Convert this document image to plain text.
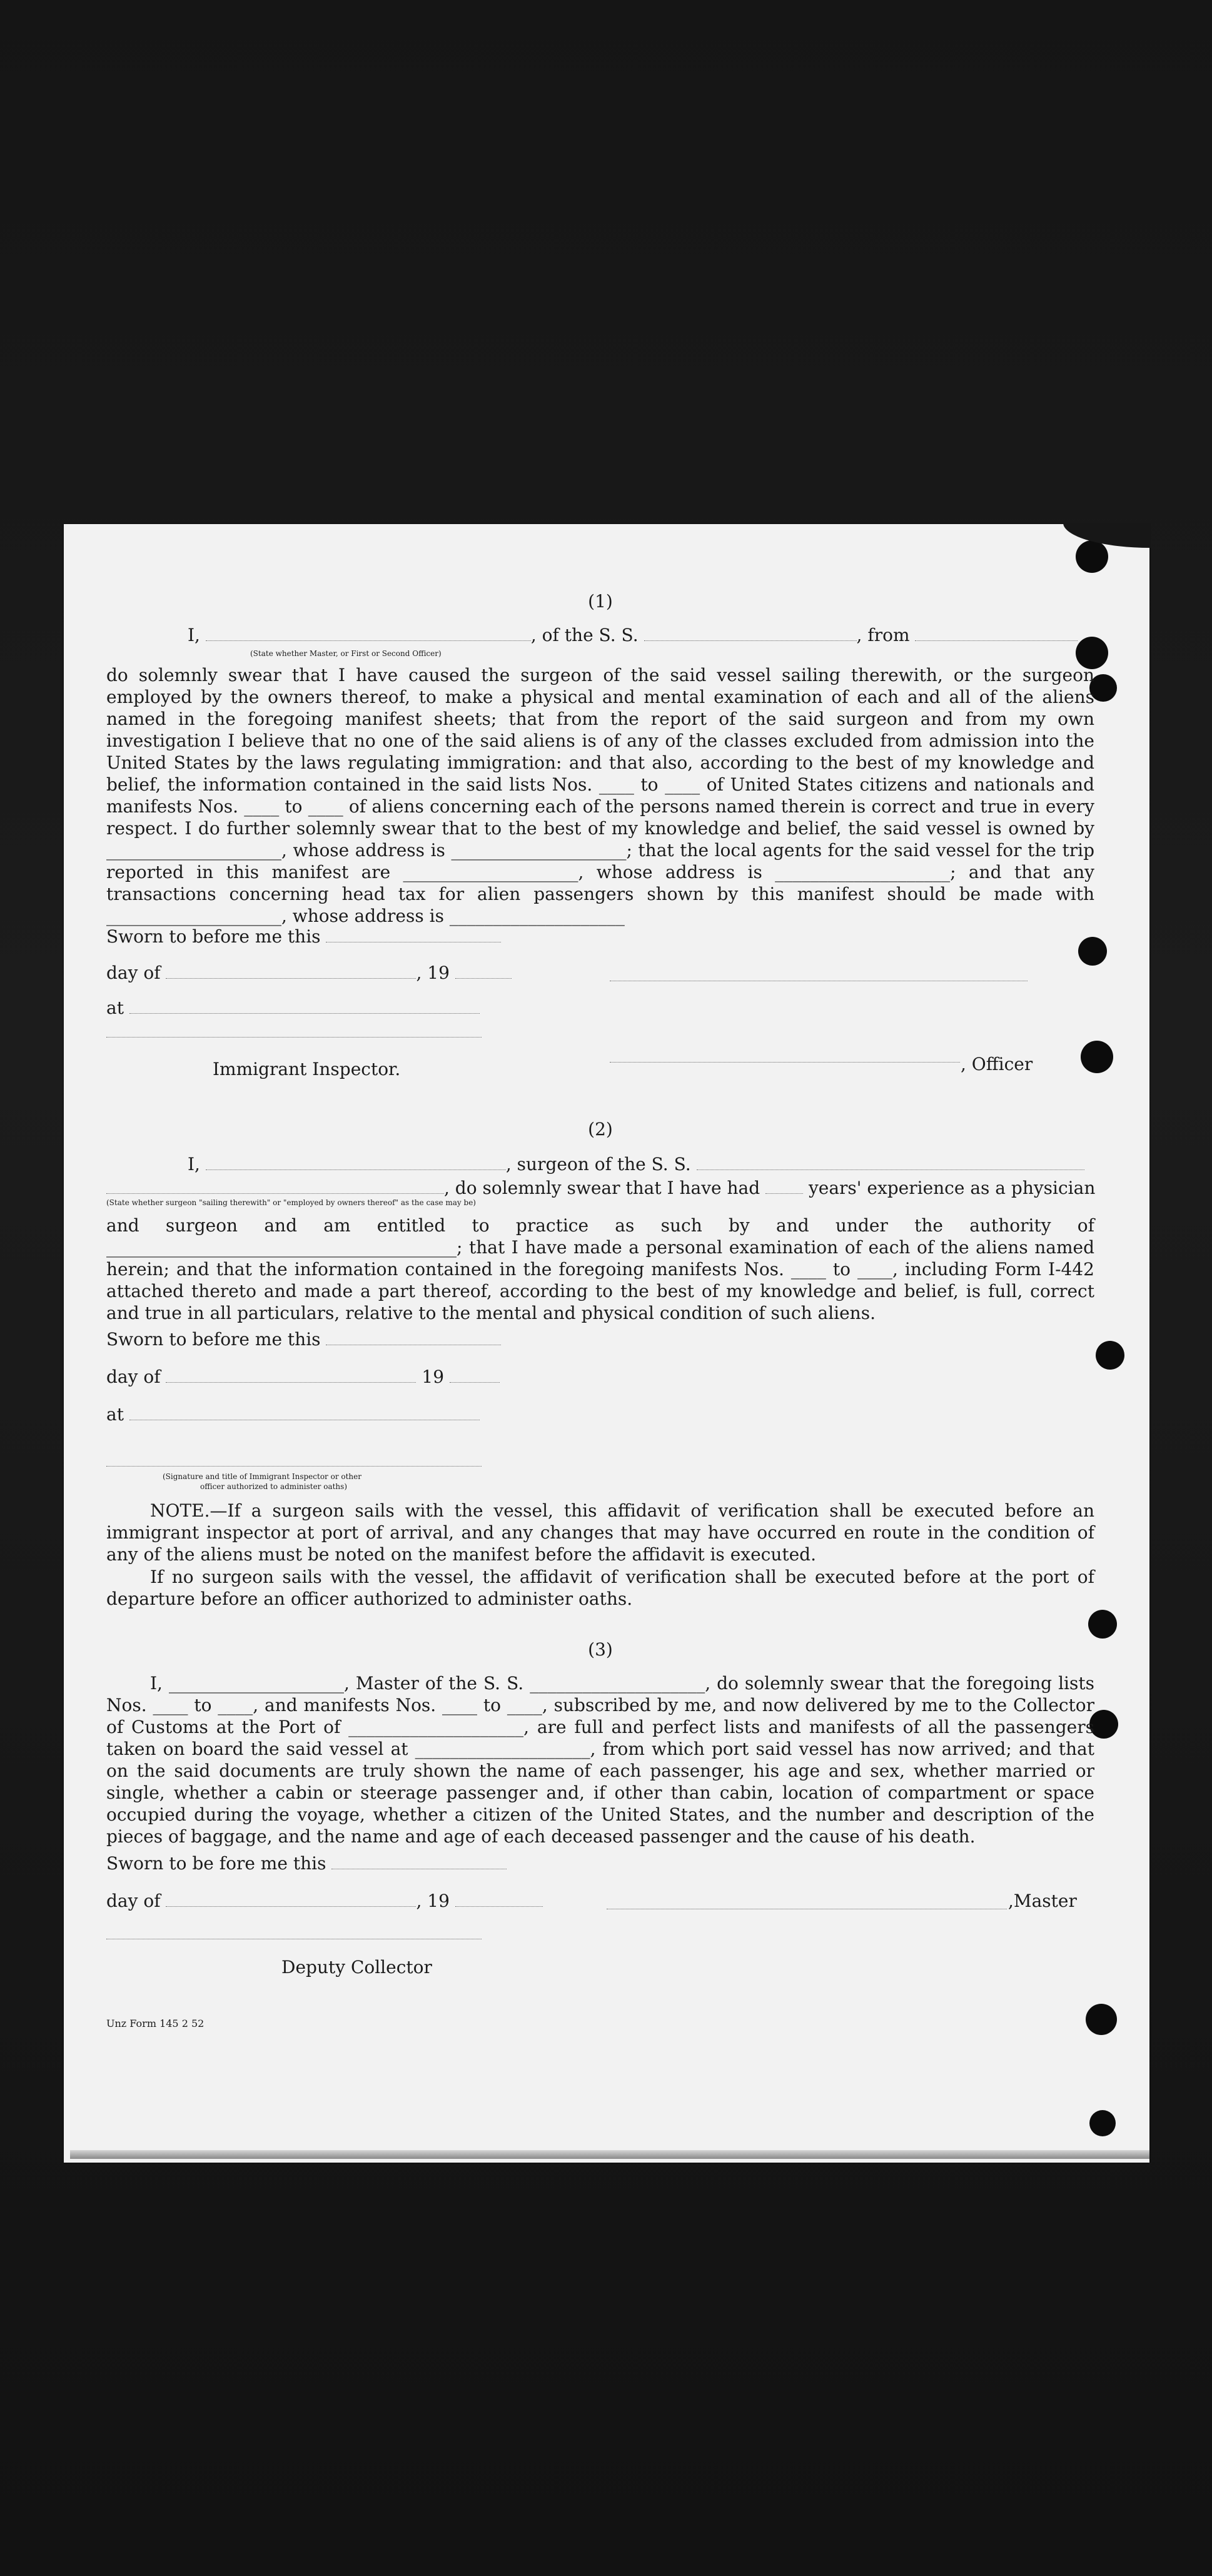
(1)
I,	, of the S. S.	, from
(State whether Master, or First or Second Officer)
do solemnly swear that I have caused the surgeon of the said vessel sailing therewith, or the surgeon employed by the owners thereof, to make a physical and mental examination of each and all of the aliens named in the foregoing manifest sheets; that from the report of the said surgeon and from my own investigation I believe that no one of the said aliens is of any of the classes excluded from admission into the United States by the laws regulating immigration: and that also, according to the best of my knowledge and belief, the information contained in the said lists Nos. ____ to ____ of United States citizens and nationals and manifests Nos. ____ to ____ of aliens concerning each of the persons named therein is correct and true in every respect. I do further solemnly swear that to the best of my knowledge and belief, the said vessel is owned by ____________________, whose address is ____________________; that the local agents for the said vessel for the trip reported in this manifest are ____________________, whose address is ____________________; and that any transactions concerning head tax for alien passengers shown by this manifest should be made with ____________________, whose address is ____________________
Sworn to before me this
day of	, 19
at
Immigrant Inspector.	, Officer
(2)
I,	, surgeon of the S. S.
, do solemnly swear that I have had	years' experience as a physician
(State whether surgeon "sailing therewith" or "employed by owners thereof" as the case may be)
and surgeon and am entitled to practice as such by and under the authority of ________________________________________; that I have made a personal examination of each of the aliens named herein; and that the information contained in the foregoing manifests Nos. ____ to ____, including Form I-442 attached thereto and made a part thereof, according to the best of my knowledge and belief, is full, correct and true in all particulars, relative to the mental and physical condition of such aliens.
Sworn to before me this
day of	19
at
(Signature and title of Immigrant Inspector or other
officer authorized to administer oaths)
NOTE.—If a surgeon sails with the vessel, this affidavit of verification shall be executed before an immigrant inspector at port of arrival, and any changes that may have occurred en route in the condition of any of the aliens must be noted on the manifest before the affidavit is executed.
If no surgeon sails with the vessel, the affidavit of verification shall be executed before at the port of departure before an officer authorized to administer oaths.
(3)
I, ____________________, Master of the S. S. ____________________, do solemnly swear that the foregoing lists Nos. ____ to ____, and manifests Nos. ____ to ____, subscribed by me, and now delivered by me to the Collector of Customs at the Port of ____________________, are full and perfect lists and manifests of all the passengers taken on board the said vessel at ____________________, from which port said vessel has now arrived; and that on the said documents are truly shown the name of each passenger, his age and sex, whether married or single, whether a cabin or steerage passenger and, if other than cabin, location of compartment or space occupied during the voyage, whether a citizen of the United States, and the number and description of the pieces of baggage, and the name and age of each deceased passenger and the cause of his death.
Sworn to be fore me this
day of	, 19	,Master
Deputy Collector
Unz Form 145 2 52
